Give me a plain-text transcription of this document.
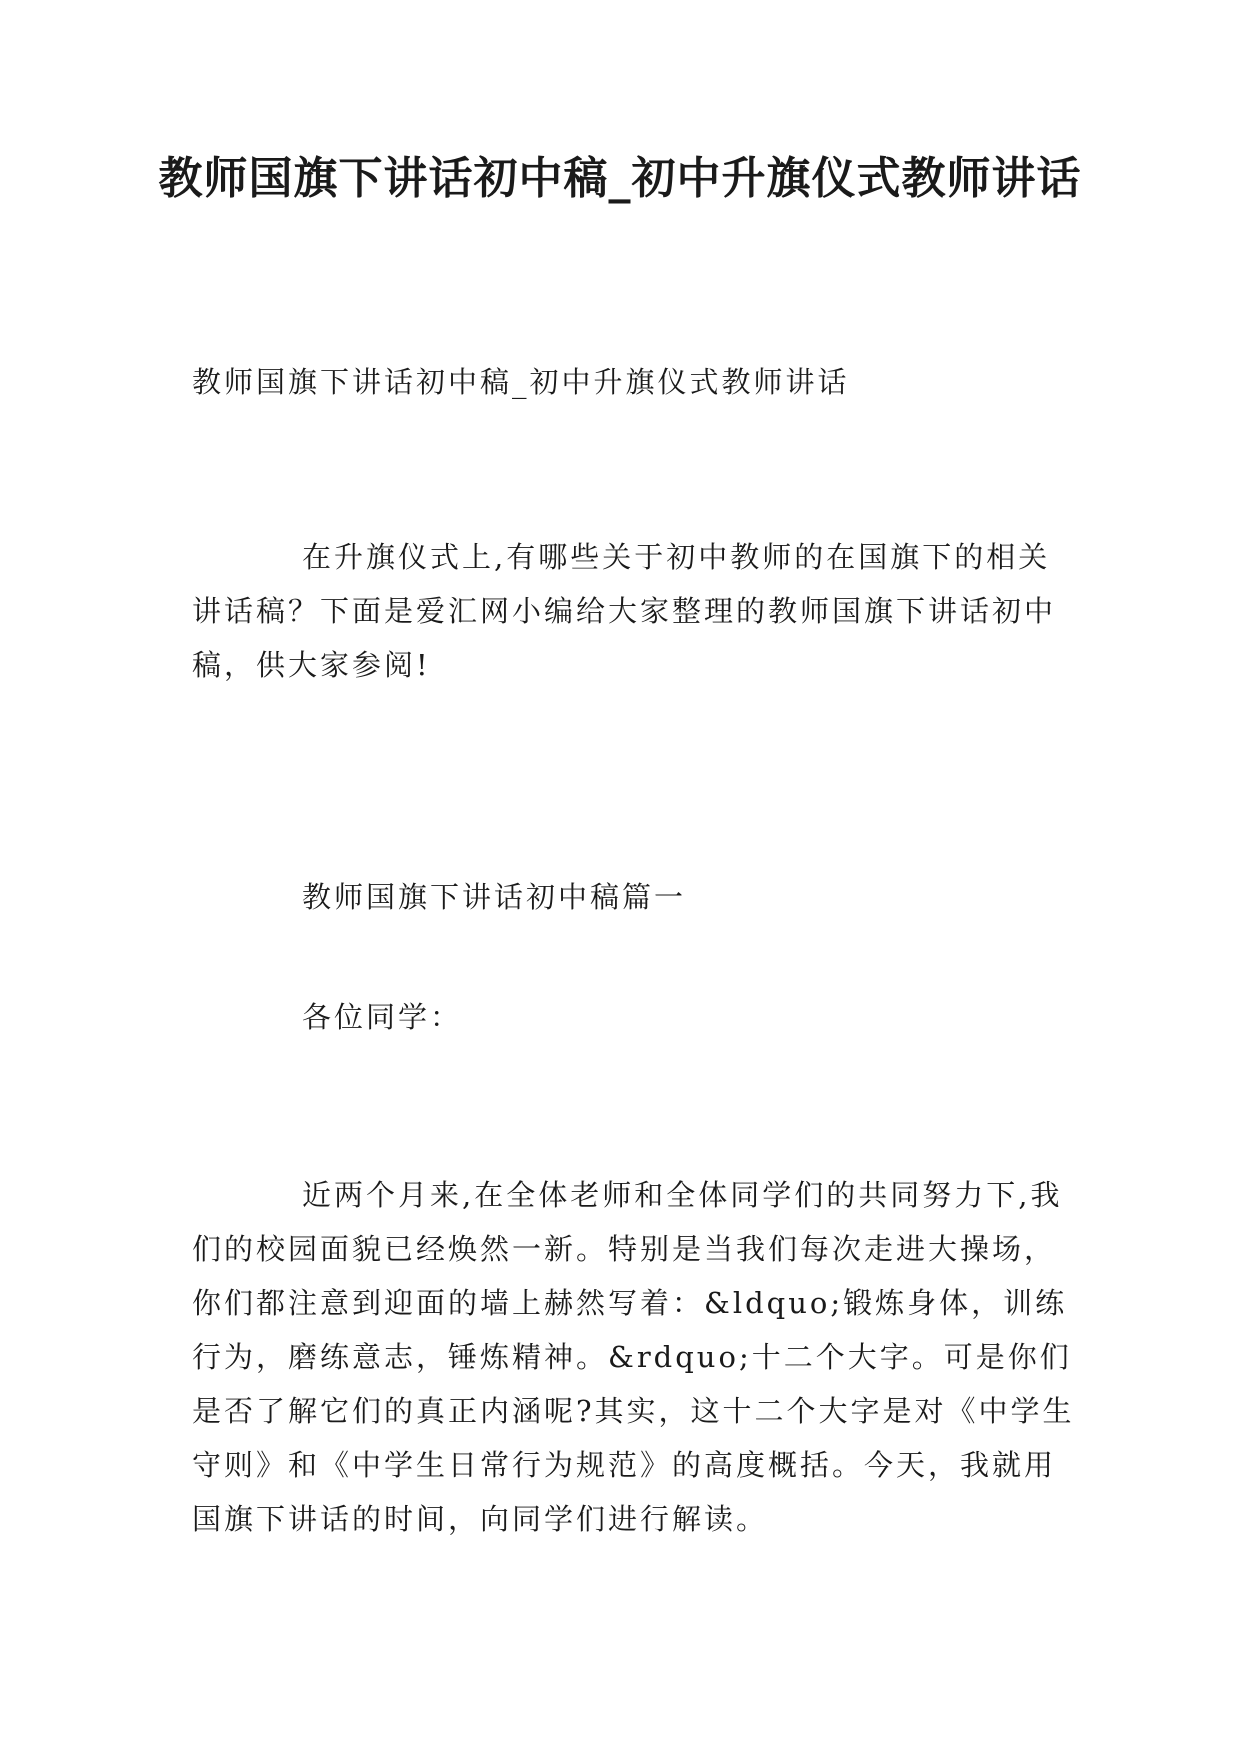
教师国旗下讲话初中稿_初中升旗仪式教师讲话

教师国旗下讲话初中稿_初中升旗仪式教师讲话

在升旗仪式上,有哪些关于初中教师的在国旗下的相关讲话稿？下面是爱汇网小编给大家整理的教师国旗下讲话初中稿，供大家参阅!

教师国旗下讲话初中稿篇一

各位同学：

近两个月来,在全体老师和全体同学们的共同努力下,我们的校园面貌已经焕然一新。特别是当我们每次走进大操场，你们都注意到迎面的墙上赫然写着：&ldquo;锻炼身体，训练行为，磨练意志，锤炼精神。&rdquo;十二个大字。可是你们是否了解它们的真正内涵呢?其实，这十二个大字是对《中学生守则》和《中学生日常行为规范》的高度概括。今天，我就用国旗下讲话的时间，向同学们进行解读。
